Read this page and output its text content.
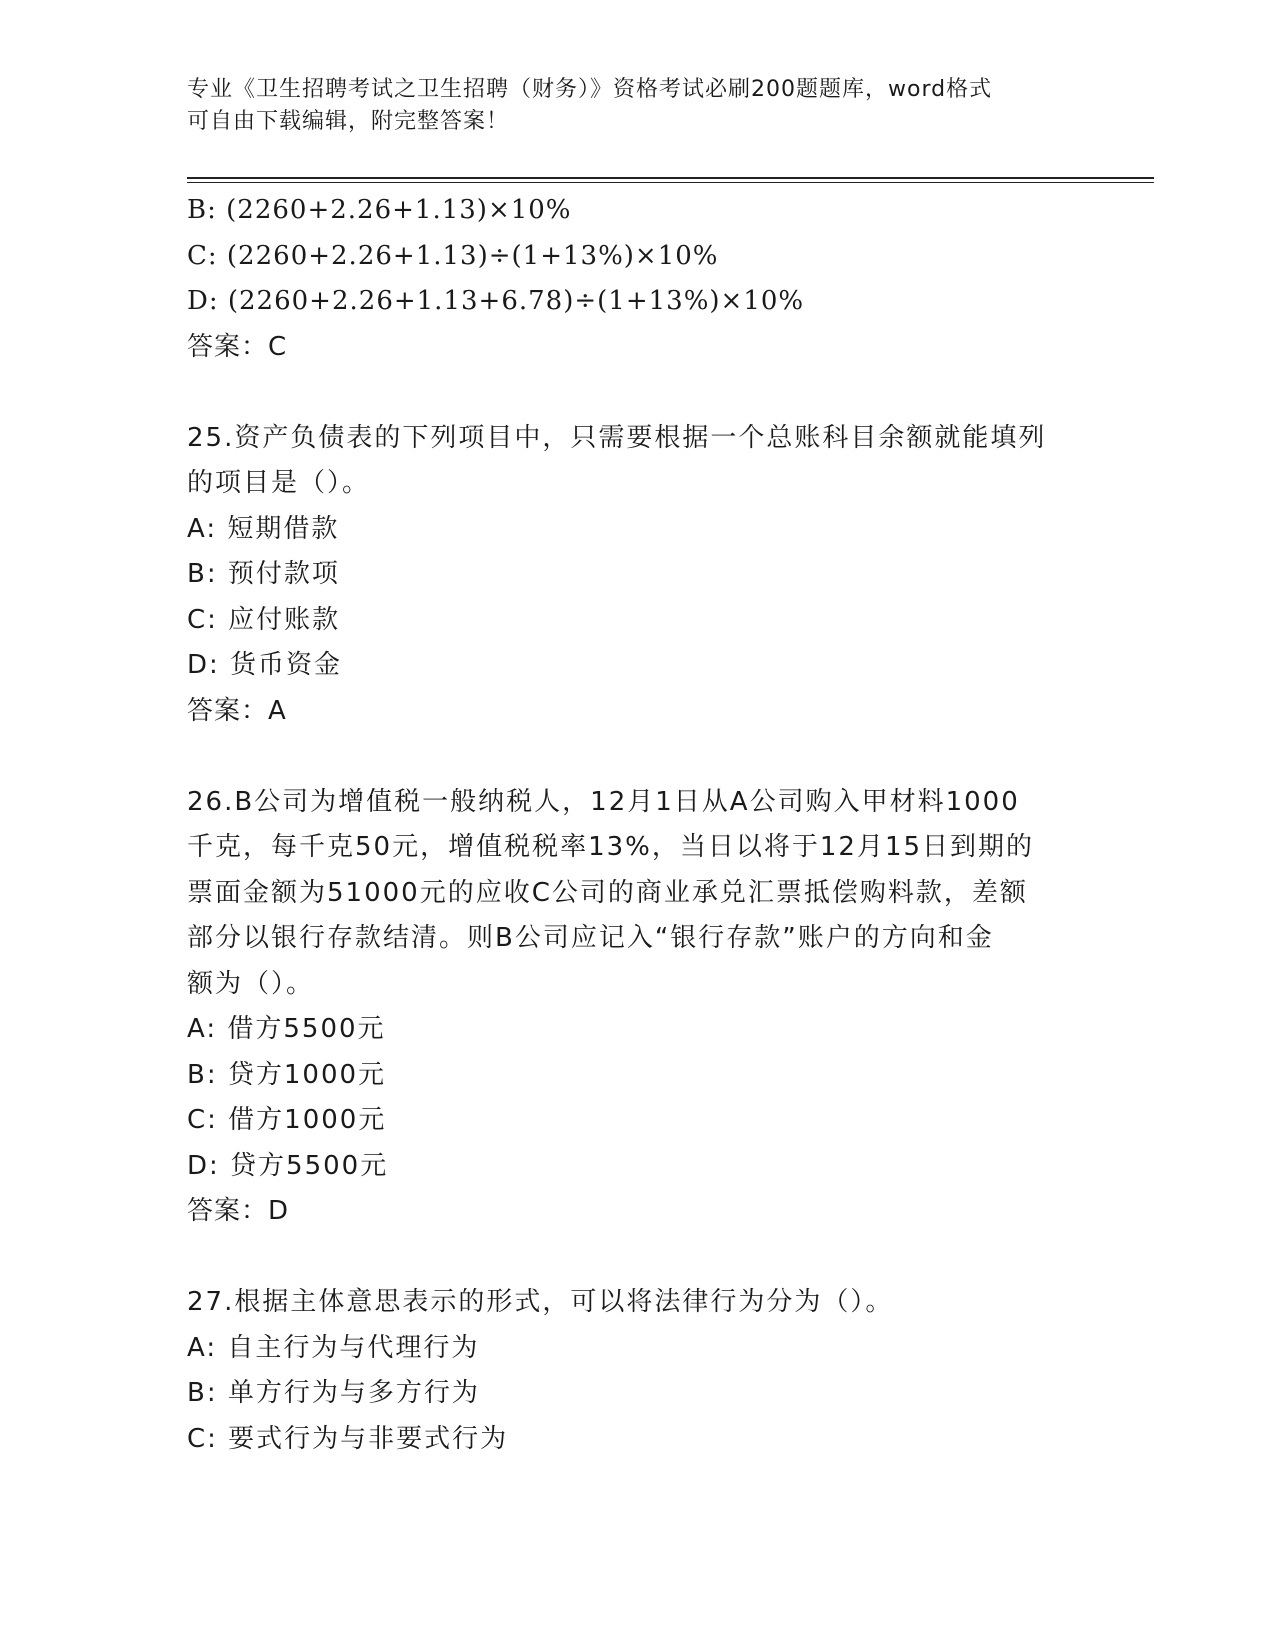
专业《卫生招聘考试之卫生招聘（财务）》资格考试必刷200题题库，word格式
可自由下载编辑，附完整答案！
B: (2260+2.26+1.13)×10%
C: (2260+2.26+1.13)÷(1+13%)×10%
D: (2260+2.26+1.13+6.78)÷(1+13%)×10%
答案：C
25.资产负债表的下列项目中，只需要根据一个总账科目余额就能填列
的项目是（）。
A: 短期借款
B: 预付款项
C: 应付账款
D: 货币资金
答案：A
26.B公司为增值税一般纳税人，12月1日从A公司购入甲材料1000
千克，每千克50元，增值税税率13%，当日以将于12月15日到期的
票面金额为51000元的应收C公司的商业承兑汇票抵偿购料款，差额
部分以银行存款结清。则B公司应记入“银行存款”账户的方向和金
额为（）。
A: 借方5500元
B: 贷方1000元
C: 借方1000元
D: 贷方5500元
答案：D
27.根据主体意思表示的形式，可以将法律行为分为（）。
A: 自主行为与代理行为
B: 单方行为与多方行为
C: 要式行为与非要式行为
